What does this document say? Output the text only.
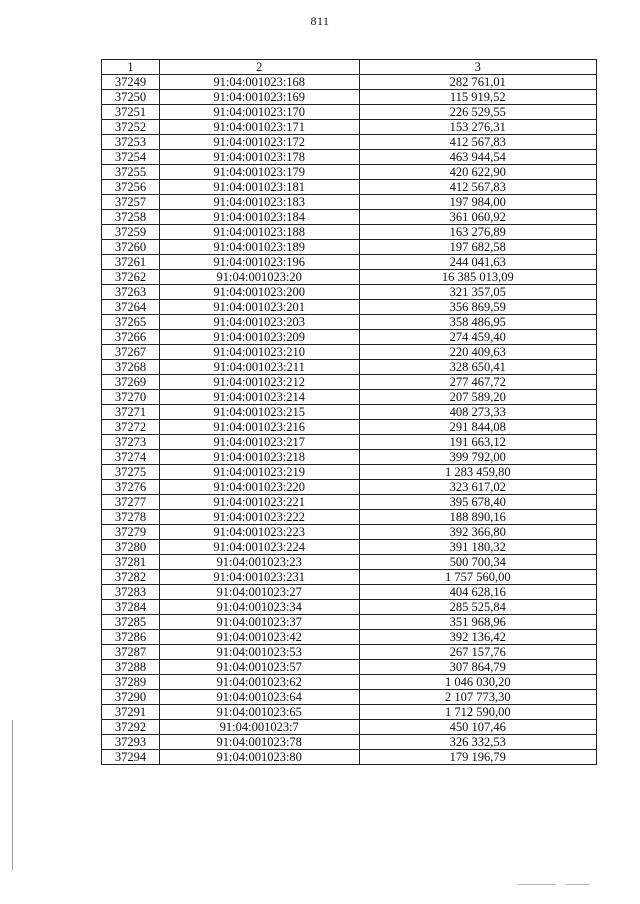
811
1	2	3
37249	91:04:001023:168	282 761,01
37250	91:04:001023:169	115 919,52
37251	91:04:001023:170	226 529,55
37252	91:04:001023:171	153 276,31
37253	91:04:001023:172	412 567,83
37254	91:04:001023:178	463 944,54
37255	91:04:001023:179	420 622,90
37256	91:04:001023:181	412 567,83
37257	91:04:001023:183	197 984,00
37258	91:04:001023:184	361 060,92
37259	91:04:001023:188	163 276,89
37260	91:04:001023:189	197 682,58
37261	91:04:001023:196	244 041,63
37262	91:04:001023:20	16 385 013,09
37263	91:04:001023:200	321 357,05
37264	91:04:001023:201	356 869,59
37265	91:04:001023:203	358 486,95
37266	91:04:001023:209	274 459,40
37267	91:04:001023:210	220 409,63
37268	91:04:001023:211	328 650,41
37269	91:04:001023:212	277 467,72
37270	91:04:001023:214	207 589,20
37271	91:04:001023:215	408 273,33
37272	91:04:001023:216	291 844,08
37273	91:04:001023:217	191 663,12
37274	91:04:001023:218	399 792,00
37275	91:04:001023:219	1 283 459,80
37276	91:04:001023:220	323 617,02
37277	91:04:001023:221	395 678,40
37278	91:04:001023:222	188 890,16
37279	91:04:001023:223	392 366,80
37280	91:04:001023:224	391 180,32
37281	91:04:001023:23	500 700,34
37282	91:04:001023:231	1 757 560,00
37283	91:04:001023:27	404 628,16
37284	91:04:001023:34	285 525,84
37285	91:04:001023:37	351 968,96
37286	91:04:001023:42	392 136,42
37287	91:04:001023:53	267 157,76
37288	91:04:001023:57	307 864,79
37289	91:04:001023:62	1 046 030,20
37290	91:04:001023:64	2 107 773,30
37291	91:04:001023:65	1 712 590,00
37292	91:04:001023:7	450 107,46
37293	91:04:001023:78	326 332,53
37294	91:04:001023:80	179 196,79
